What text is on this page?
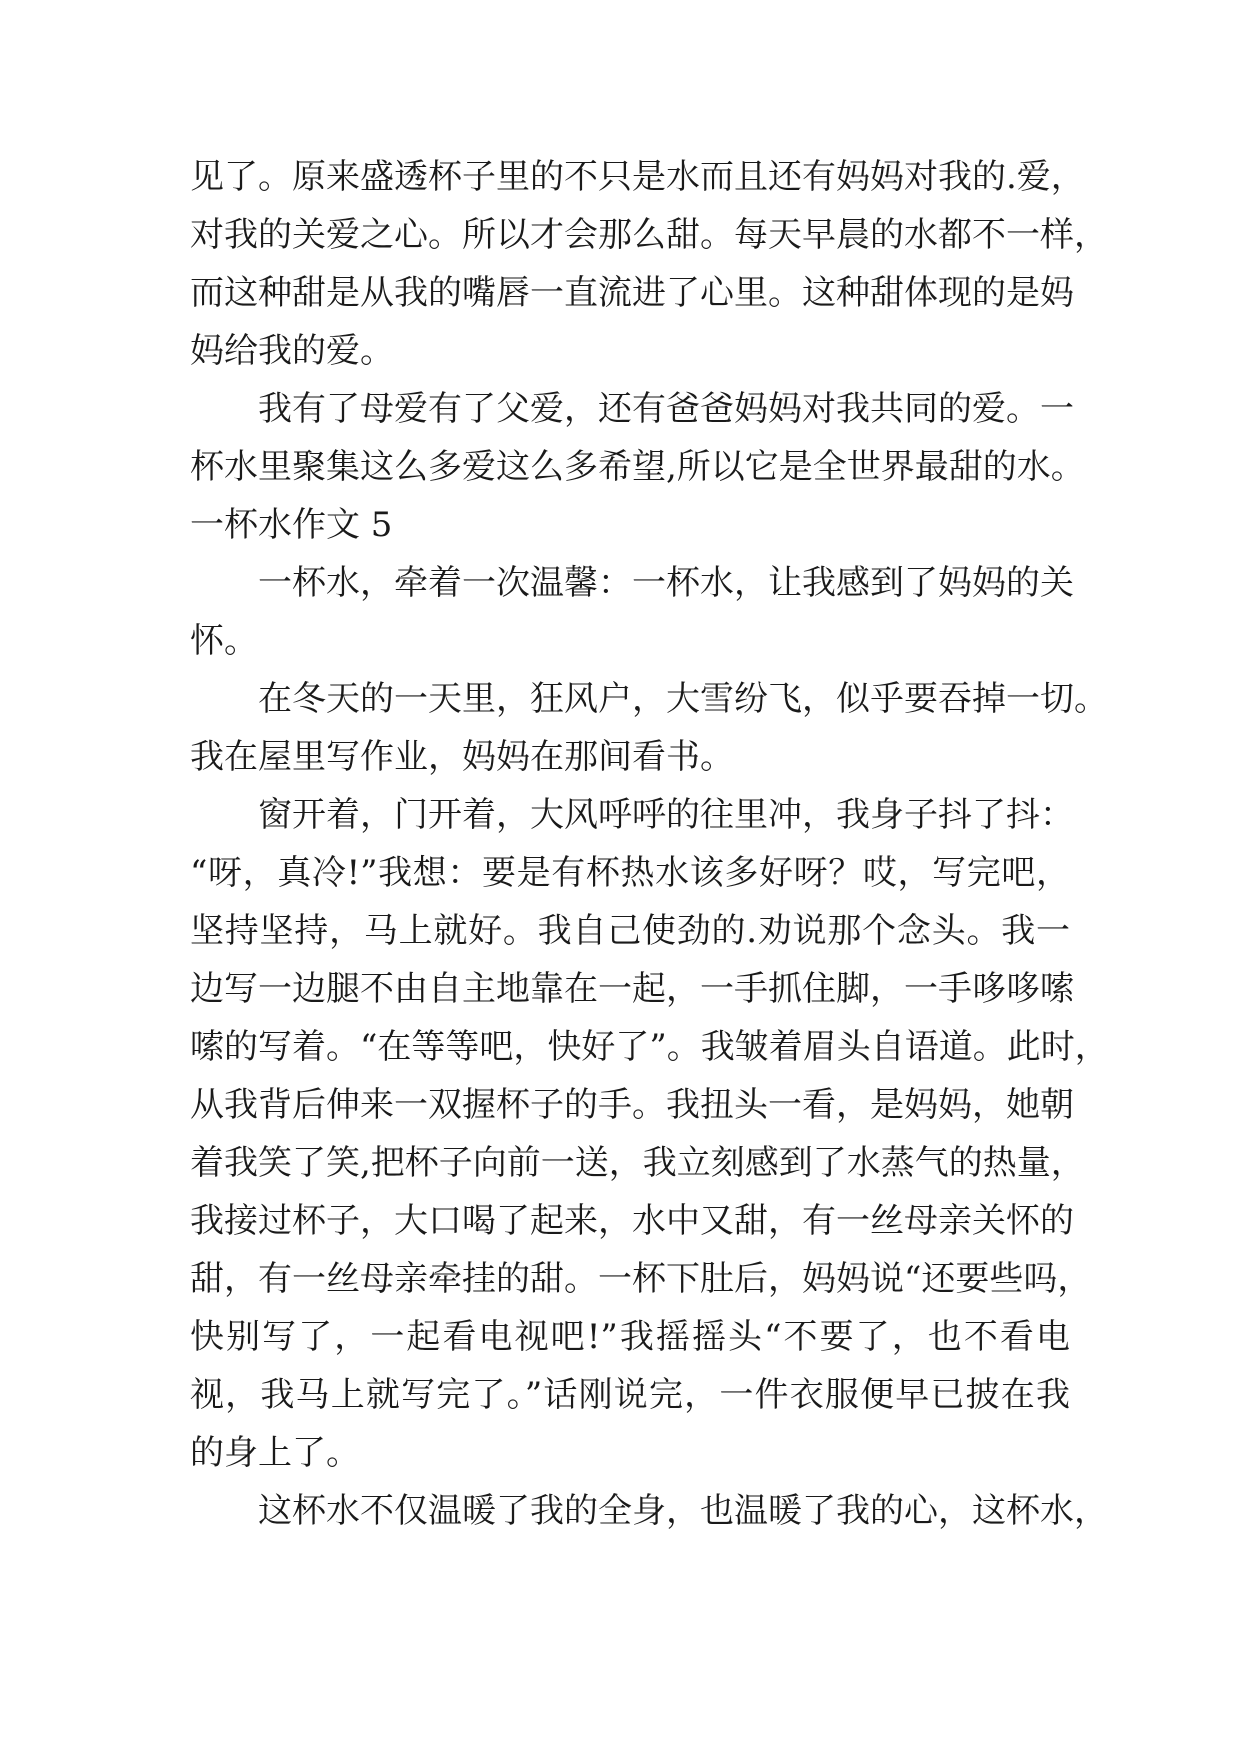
见了。原来盛透杯子里的不只是水而且还有妈妈对我的.爱，
对我的关爱之心。所以才会那么甜。每天早晨的水都不一样，
而这种甜是从我的嘴唇一直流进了心里。这种甜体现的是妈
妈给我的爱。
我有了母爱有了父爱，还有爸爸妈妈对我共同的爱。一
杯水里聚集这么多爱这么多希望,所以它是全世界最甜的水。
一杯水作文 5
一杯水，牵着一次温馨：一杯水，让我感到了妈妈的关
怀。
在冬天的一天里，狂风户，大雪纷飞，似乎要吞掉一切。
我在屋里写作业，妈妈在那间看书。
窗开着，门开着，大风呼呼的往里冲，我身子抖了抖：
“呀，真冷!”我想：要是有杯热水该多好呀？哎，写完吧，
坚持坚持，马上就好。我自己使劲的.劝说那个念头。我一
边写一边腿不由自主地靠在一起，一手抓住脚，一手哆哆嗦
嗦的写着。“在等等吧，快好了”。我皱着眉头自语道。此时，
从我背后伸来一双握杯子的手。我扭头一看，是妈妈，她朝
着我笑了笑,把杯子向前一送，我立刻感到了水蒸气的热量，
我接过杯子，大口喝了起来，水中又甜，有一丝母亲关怀的
甜，有一丝母亲牵挂的甜。一杯下肚后，妈妈说“还要些吗，
快别写了，一起看电视吧!”我摇摇头“不要了，也不看电
视，我马上就写完了。”话刚说完，一件衣服便早已披在我
的身上了。
这杯水不仅温暖了我的全身，也温暖了我的心，这杯水，
